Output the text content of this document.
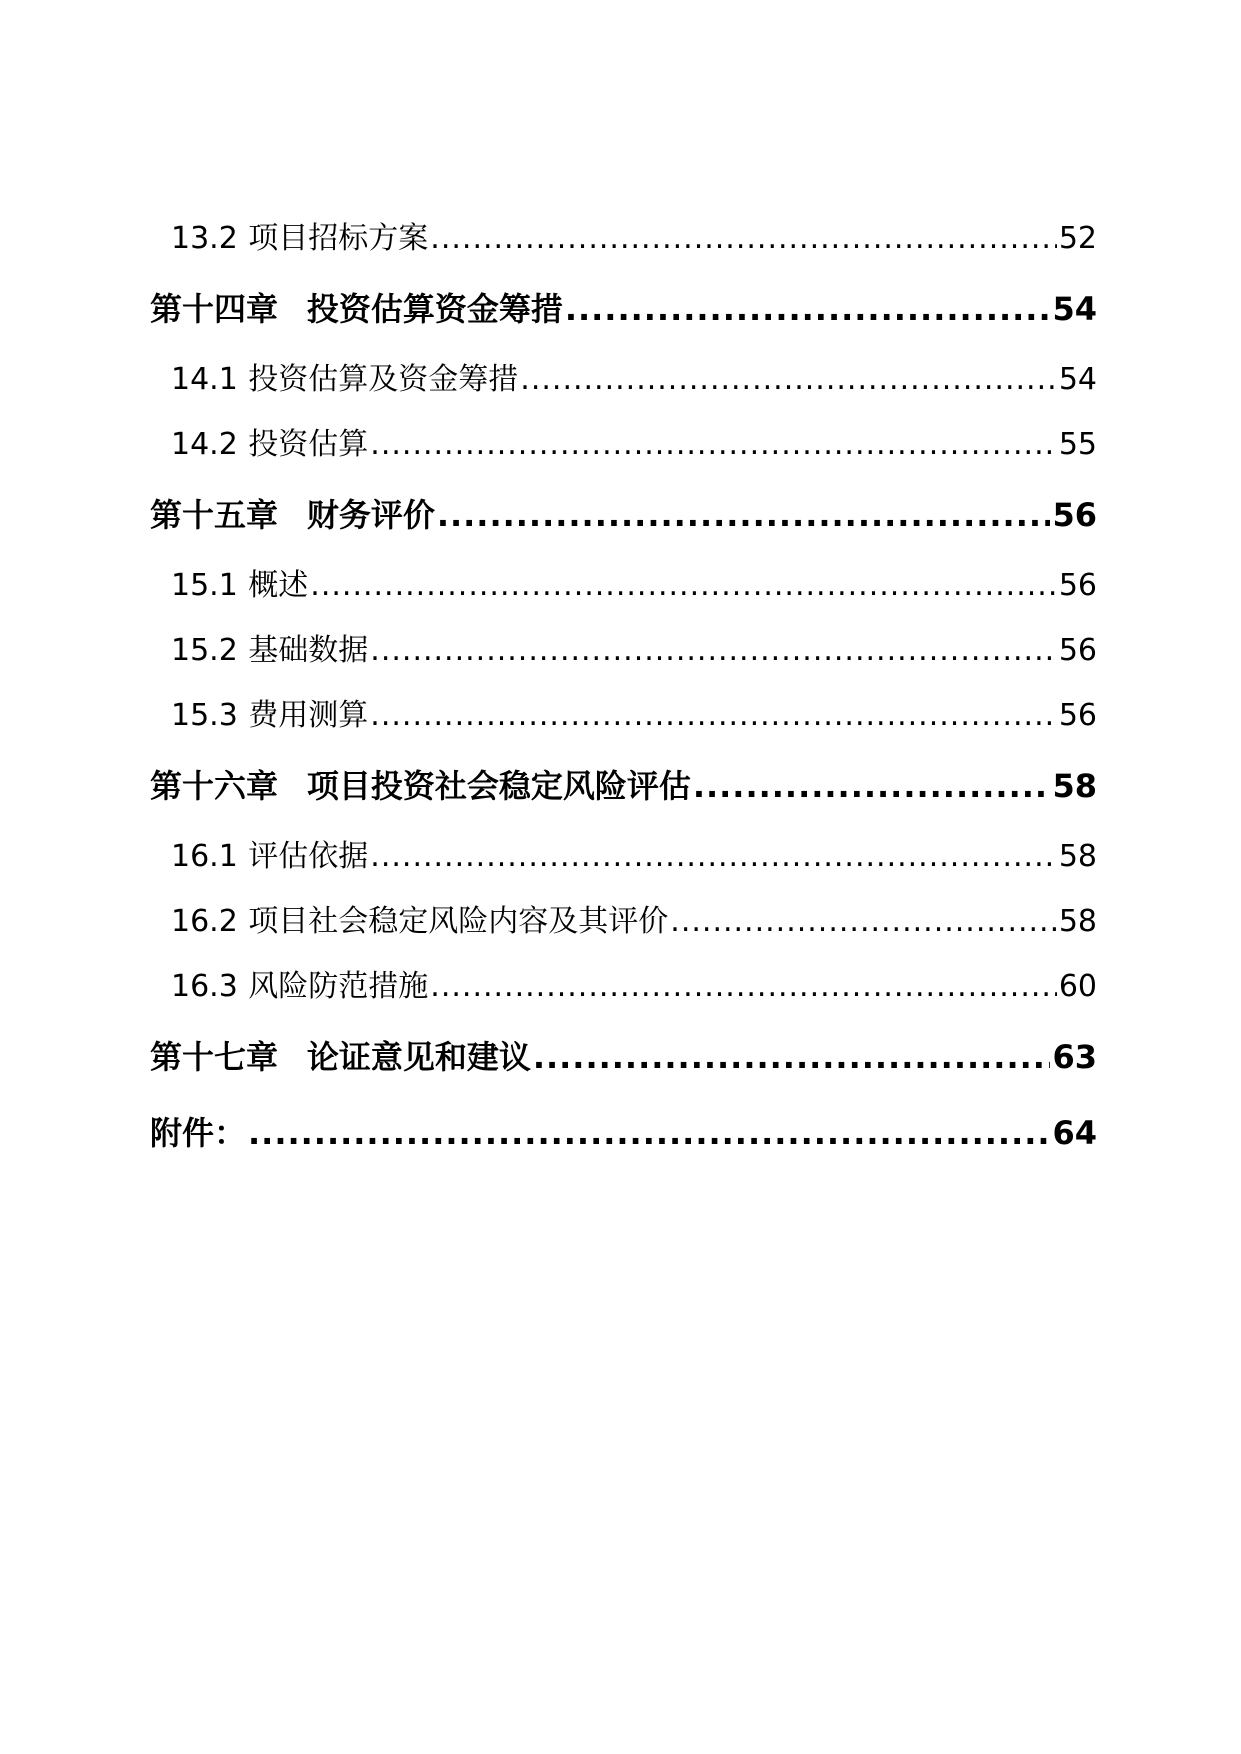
13.2 项目招标方案 .....	52
第十四章 投资估算资金筹措 .....	54
14.1 投资估算及资金筹措 .....	54
14.2 投资估算 .....	55
第十五章 财务评价 .....	56
15.1 概述 .....	56
15.2 基础数据 .....	56
15.3 费用测算 .....	56
第十六章 项目投资社会稳定风险评估 .....	58
16.1 评估依据 .....	58
16.2 项目社会稳定风险内容及其评价 .....	58
16.3 风险防范措施 .....	60
第十七章 论证意见和建议 .....	63
附件： .....	64
